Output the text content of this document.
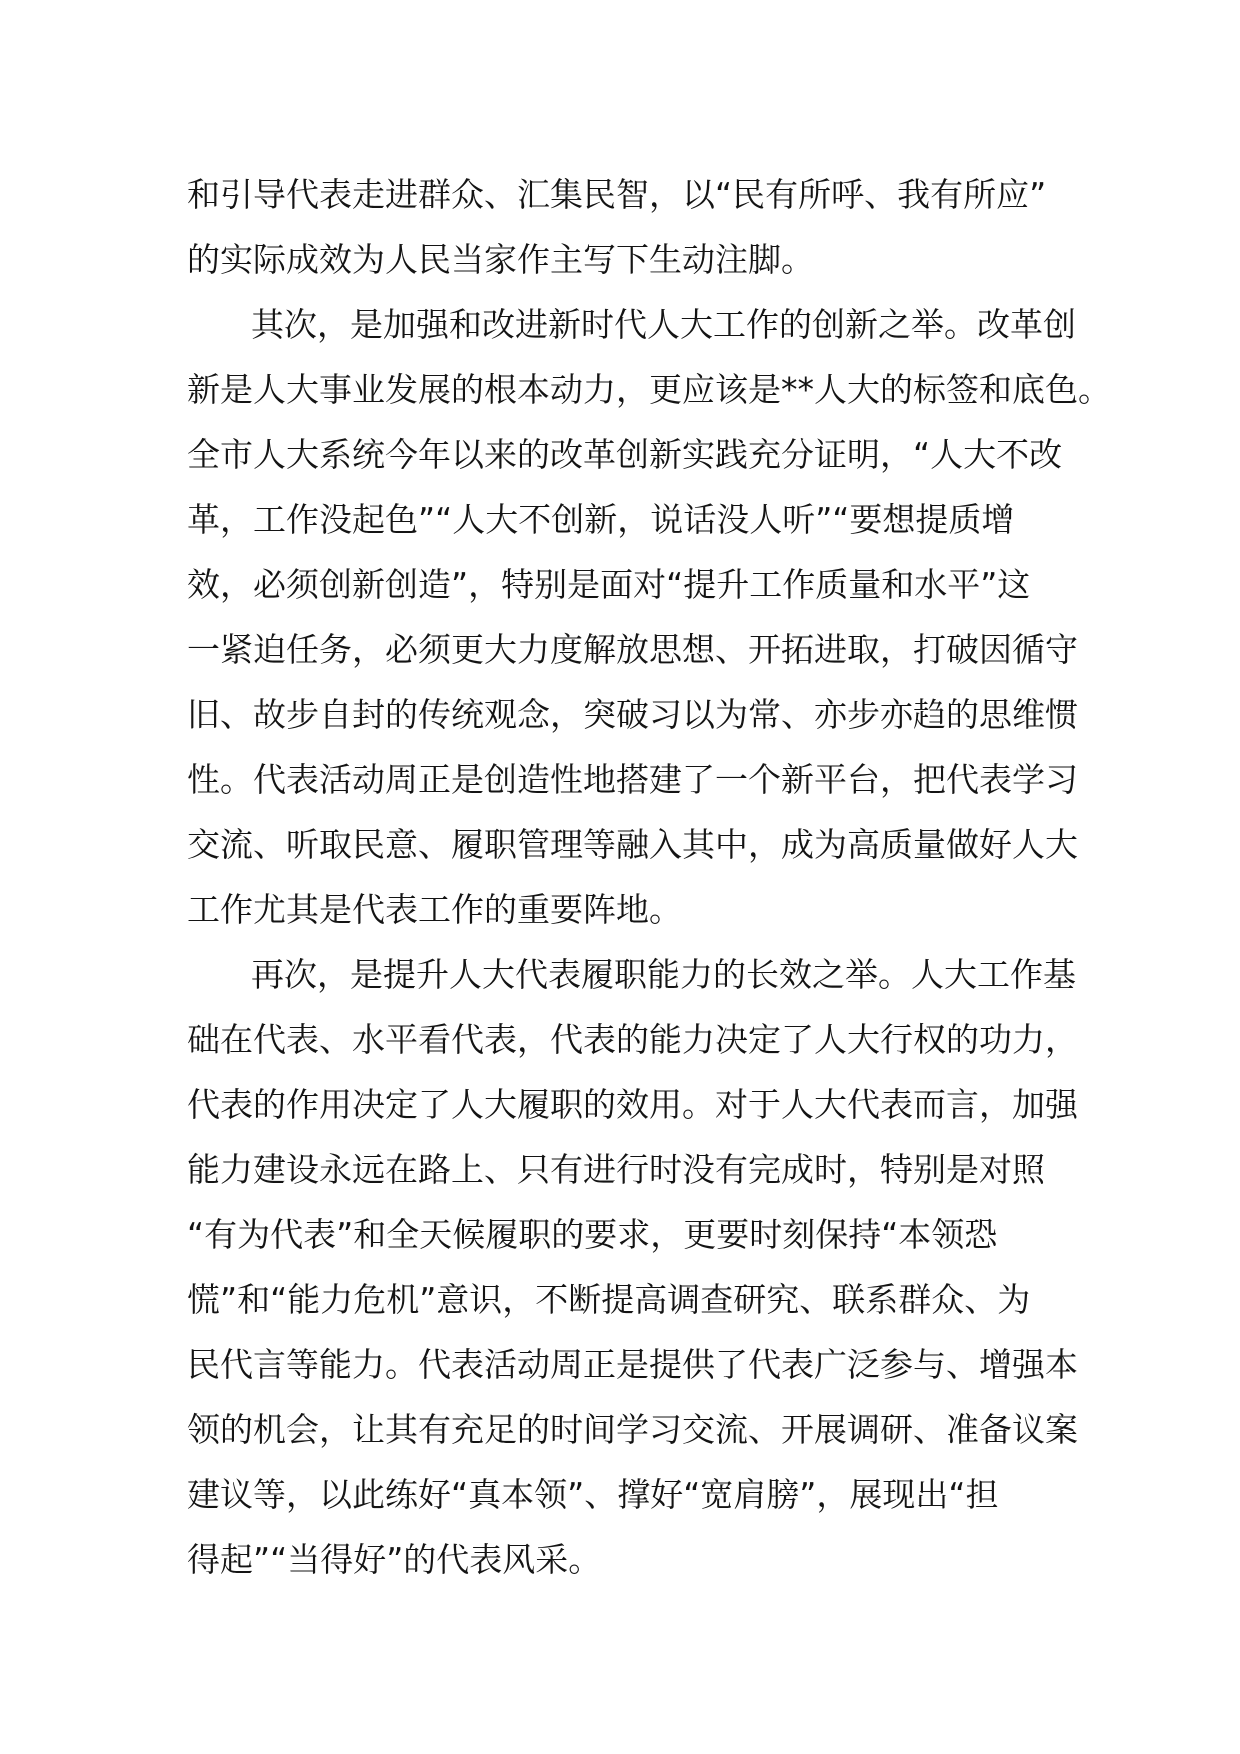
和引导代表走进群众、汇集民智，以“民有所呼、我有所应”
的实际成效为人民当家作主写下生动注脚。
其次，是加强和改进新时代人大工作的创新之举。改革创
新是人大事业发展的根本动力，更应该是**人大的标签和底色。
全市人大系统今年以来的改革创新实践充分证明，“人大不改
革，工作没起色”“人大不创新，说话没人听”“要想提质增
效，必须创新创造”，特别是面对“提升工作质量和水平”这
一紧迫任务，必须更大力度解放思想、开拓进取，打破因循守
旧、故步自封的传统观念，突破习以为常、亦步亦趋的思维惯
性。代表活动周正是创造性地搭建了一个新平台，把代表学习
交流、听取民意、履职管理等融入其中，成为高质量做好人大
工作尤其是代表工作的重要阵地。
再次，是提升人大代表履职能力的长效之举。人大工作基
础在代表、水平看代表，代表的能力决定了人大行权的功力，
代表的作用决定了人大履职的效用。对于人大代表而言，加强
能力建设永远在路上、只有进行时没有完成时，特别是对照
“有为代表”和全天候履职的要求，更要时刻保持“本领恐
慌”和“能力危机”意识，不断提高调查研究、联系群众、为
民代言等能力。代表活动周正是提供了代表广泛参与、增强本
领的机会，让其有充足的时间学习交流、开展调研、准备议案
建议等，以此练好“真本领”、撑好“宽肩膀”，展现出“担
得起”“当得好”的代表风采。
